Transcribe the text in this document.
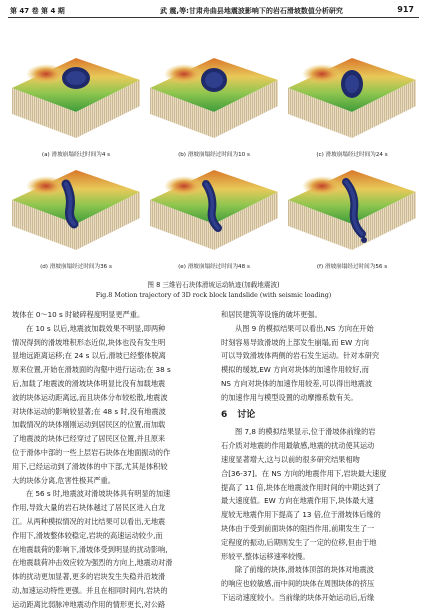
第 47 卷 第 4 期	武 震,等:甘肃舟曲县地震波影响下的岩石滑坡数值分析研究	917
(a) 滑坡崩塌经过时间为4 s	(b) 滑坡崩塌经过时间为10 s	(c) 滑坡崩塌经过时间为24 s
(d) 滑坡崩塌经过时间为36 s	(e) 滑坡崩塌经过时间为48 s	(f) 滑坡崩塌经过时间为56 s
图 8 三维岩石块体滑坡运动轨迹(加载地震波)
Fig.8 Motion trajectory of 3D rock block landslide (with seismic loading)

坡体在 0～10 s 时破碎程度明显更严重。

在 10 s 以后,地震波加载效果不明显,即两种
情况得到的滑坡堆积形态近似,块体也没有发生明
显地远距离运移;在 24 s 以后,滑坡已经整体脱离
原来位置,开始在滑坡面的沟壑中进行运动;在 38 s
后,加载了地震波的滑坡块体明显比没有加载地震
波的块体运动距离远,而且块体分布较松散,地震波
对块体运动的影响较显著;在 48 s 时,没有地震波
加载情况的块体刚刚运动到居民区的位置,而加载
了地震波的块体已经穿过了居民区位置,并且原来
位于滑体中部的一些上层岩石块体在地面振动的作
用下,已经运动到了滑坡体的中下部,尤其是体积较
大的块体分离,危害性极其严重。

在 56 s 时,地震波对滑坡块体具有明显的加速
作用,导致大量的岩石块体越过了居民区进入白龙
江。从两种模拟情况的对比结果可以看出,无地震
作用下,滑坡整体较稳定,岩块的高速运动较少,而
在地震载荷的影响下,滑坡体受到明显的扰动影响,
在地震载荷冲击效应较为强烈的方向上,地震动对滑
体的扰动更加显著,更多的岩块发生失稳并沿坡滑
动,加速运动特性更强。并且在相同时间内,岩块的
运动距离比弱脉冲地震动作用的情形更长,对公路

和居民建筑等设施的破坏更强。

从图 9 的模拟结果可以看出,NS 方向在开始
时刻容易导致滑坡的上部发生崩塌,而 EW 方向
可以导致滑坡体两侧的岩石发生运动。针对本研究
模拟的缓坡,EW 方向对块体的加速作用较好,而
NS 方向对块体的加速作用较差,可以得出地震波
的加速作用与模型设置的动摩擦系数有关。

6 讨论

图 7,8 的模拟结果显示,位于滑坡体前缘的岩
石介质对地震的作用最敏感,地震的扰动使其运动
速度显著增大,这与以前的很多研究结果相吻
合[36-37]。在 NS 方向的地震作用下,岩块最大速度
提高了 11 倍,块体在地震波作用时间的中期达到了
最大速度值。EW 方向在地震作用下,块体最大速
度较无地震作用下提高了 13 倍,位于滑坡体后缘的
块体由于受到前面块体的阻挡作用,前期发生了一
定程度的振动,后期则发生了一定的位移,但由于地
形较平,整体运移速率较慢。

除了前缘的块体,滑坡体顶部的块体对地震波
的响应也较敏感,而中间的块体在周围块体的挤压
下运动速度较小。当前缘的块体开始运动后,后缘
